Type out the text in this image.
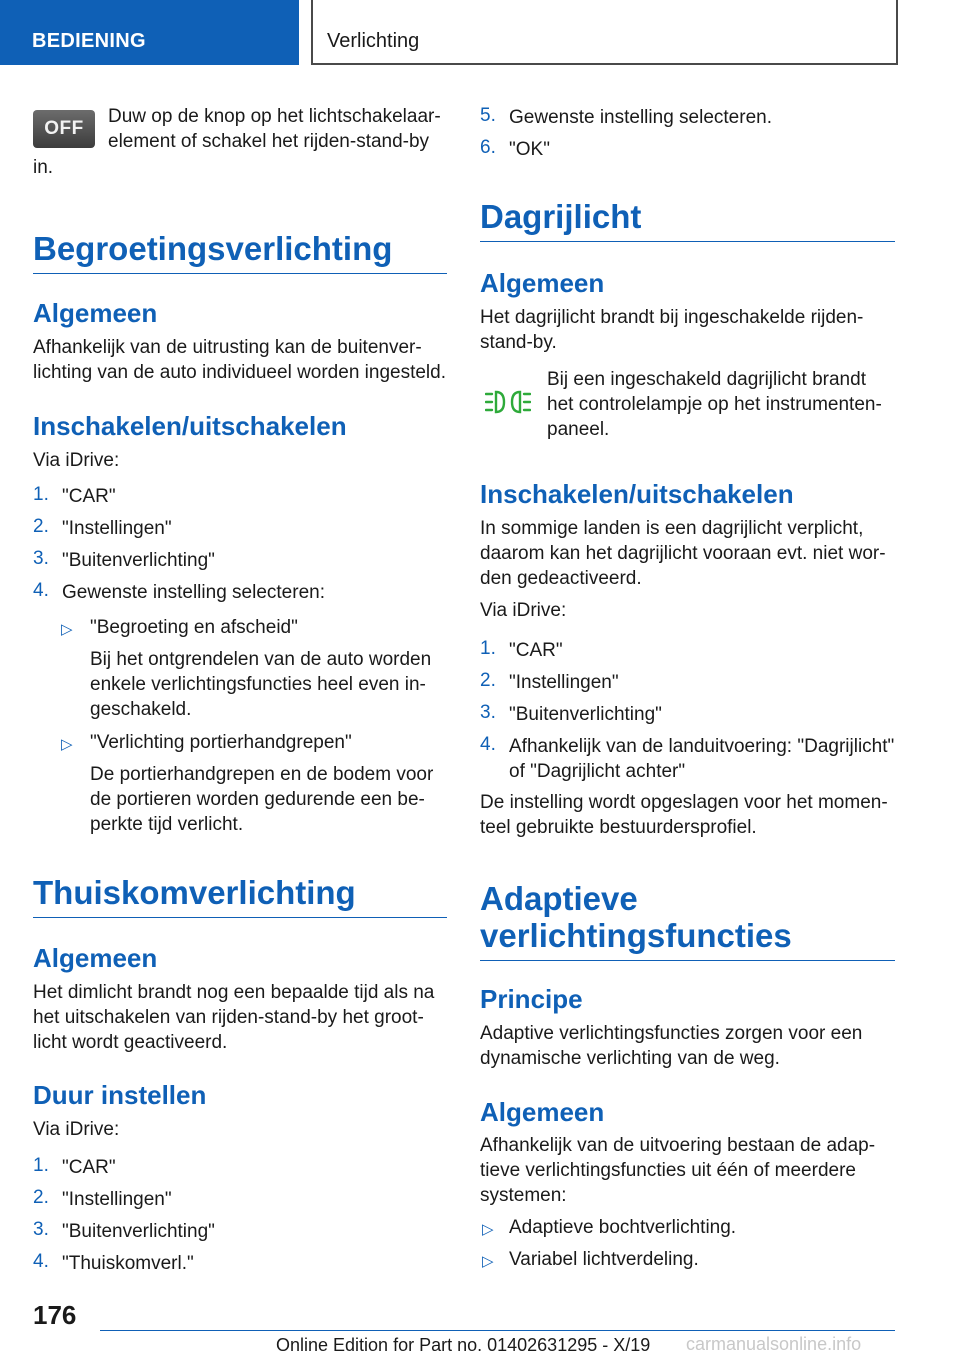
BEDIENING	Verlichting
OFF

Duw op de knop op het lichtschakelaar-element of schakel het rijden-stand-by

in.

Begroetingsverlichting
Algemeen

Afhankelijk van de uitrusting kan de buitenver-lichting van de auto individueel worden ingesteld.

Inschakelen/uitschakelen

Via iDrive:

1. "CAR"
2. "Instellingen"
3. "Buitenverlichting"
4. Gewenste instelling selecteren:
▷ "Begroeting en afscheid"

Bij het ontgrendelen van de auto worden enkele verlichtingsfuncties heel even in-geschakeld.

▷ "Verlichting portierhandgrepen"

De portierhandgrepen en de bodem voor de portieren worden gedurende een be-perkte tijd verlicht.

Thuiskomverlichting
Algemeen

Het dimlicht brandt nog een bepaalde tijd als na het uitschakelen van rijden-stand-by het groot-licht wordt geactiveerd.

Duur instellen

Via iDrive:

1. "CAR"
2. "Instellingen"
3. "Buitenverlichting"
4. "Thuiskomverl."
5. Gewenste instelling selecteren.
6. "OK"
Dagrijlicht
Algemeen

Het dagrijlicht brandt bij ingeschakelde rijden-stand-by.

Bij een ingeschakeld dagrijlicht brandt het controlelampje op het instrumenten-paneel.

Inschakelen/uitschakelen

In sommige landen is een dagrijlicht verplicht, daarom kan het dagrijlicht vooraan evt. niet wor-den gedeactiveerd.

Via iDrive:

1. "CAR"
2. "Instellingen"
3. "Buitenverlichting"
4. Afhankelijk van de landuitvoering: "Dagrijlicht" of "Dagrijlicht achter"

De instelling wordt opgeslagen voor het momen-teel gebruikte bestuurdersprofiel.

Adaptieve
verlichtingsfuncties
Principe

Adaptive verlichtingsfuncties zorgen voor een dynamische verlichting van de weg.

Algemeen

Afhankelijk van de uitvoering bestaan de adap-tieve verlichtingsfuncties uit één of meerdere systemen:

▷ Adaptieve bochtverlichting.

▷ Variabel lichtverdeling.

176
Online Edition for Part no. 01402631295 - X/19 carmanualsonline.info
